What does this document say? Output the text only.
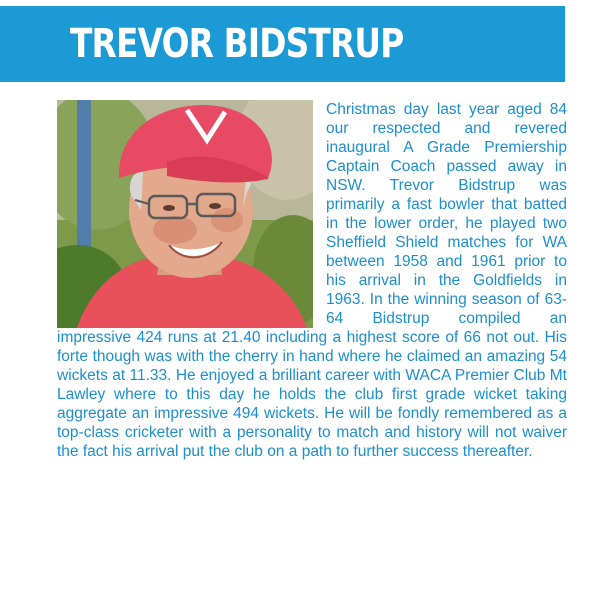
TREVOR BIDSTRUP

Christmas day last year aged 84 our respected and revered inaugural A Grade Premiership Captain Coach passed away in NSW. Trevor Bidstrup was primarily a fast bowler that batted in the lower order, he played two Sheffield Shield matches for WA between 1958 and 1961 prior to his arrival in the Goldfields in 1963. In the winning season of 63-64 Bidstrup compiled an impressive 424 runs at 21.40 including a highest score of 66 not out. His forte though was with the cherry in hand where he claimed an amazing 54 wickets at 11.33. He enjoyed a brilliant career with WACA Premier Club Mt Lawley where to this day he holds the club first grade wicket taking aggregate an impressive 494 wickets. He will be fondly remembered as a top-class cricketer with a personality to match and history will not waiver the fact his arrival put the club on a path to further success thereafter.
